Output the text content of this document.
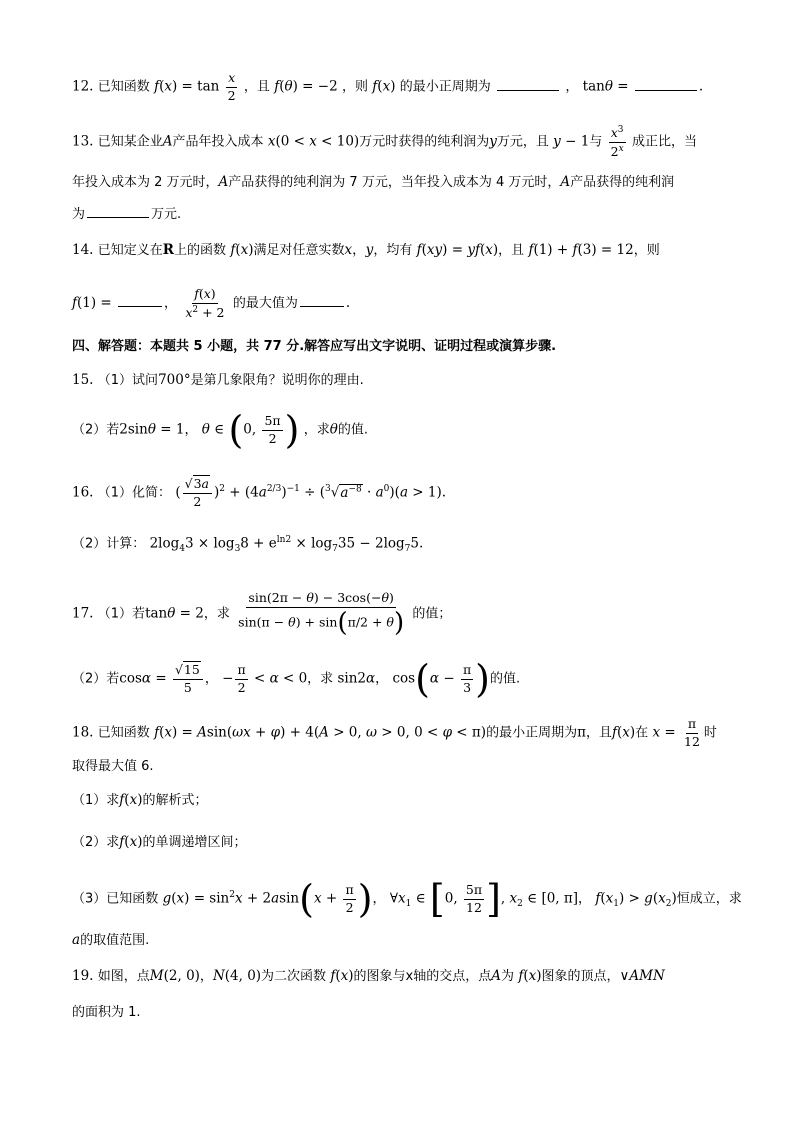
12. 已知函数 $f(x) = \tan \frac{x}{2}$ ，且 f(θ) = −2 ，则 f(x) 的最小正周期为	， tanθ =	.
13. 已知某企业A产品年投入成本 x(0 < x < 10)万元时获得的纯利润为y万元，且 y − 1与 $\frac{x^3}{2^x}$ 成正比，当
年投入成本为 2 万元时，A产品获得的纯利润为 7 万元，当年投入成本为 4 万元时，A产品获得的纯利润
为	万元.
14. 已知定义在R上的函数 f(x)满足对任意实数x，y，均有 f(xy) = yf(x)，且 f(1) + f(3) = 12，则
f(1) =	， $\frac{f(x)}{x^2 + 2}$ 的最大值为	.
四、解答题：本题共 5 小题，共 77 分.解答应写出文字说明、证明过程或演算步骤.
15. （1）试问700°是第几象限角？说明你的理由.
（2）若2sinθ = 1， θ ∈ (0, $\frac{5\pi}{2}$ ) ，求θ的值.
16. （1）化简： ( $\frac{√3a}{2} )^2 + (4a^{2/3})^{-1} \div (^3√a^{-8} \cdot a^0)(a > 1)$.
（2）计算： $2\log_43 \times \log_38 + e^{ln2} \times \log_735 - 2\log_75$.
17. （1）若tanθ = 2，求 $\frac{\sin(2\pi - \theta) - 3\cos(-\theta)}{\sin(\pi - \theta) + \sin(\pi/2 + \theta)}$ 的值；
（2）若$\cos\alpha = \frac{√15}{5}$ ， − $\frac{\pi}{2} < \alpha < 0$，求 sin2α， $\cos(\alpha - \frac{\pi}{3}$ )的值.
18. 已知函数 f(x) = Asin(ωx + φ) + 4(A > 0, ω > 0, 0 < φ < π)的最小正周期为π，且f(x)在 $x = \frac{\pi}{12}$ 时
取得最大值 6.
（1）求f(x)的解析式；
（2）求f(x)的单调递增区间；
（3）已知函数 $g(x) = \sin^2x + 2asin(x + \frac{\pi}{2}$ )， $\forall x_1$ ∈ [0, $\frac{5\pi}{12}$ ], $x_2$ ∈ [0, π]， $f(x_1) > g(x_2)$恒成立，求
a的取值范围.
19. 如图，点M(2, 0)，N(4, 0)为二次函数 f(x)的图象与x轴的交点，点A为 f(x)图象的顶点，∨AMN
的面积为 1.
